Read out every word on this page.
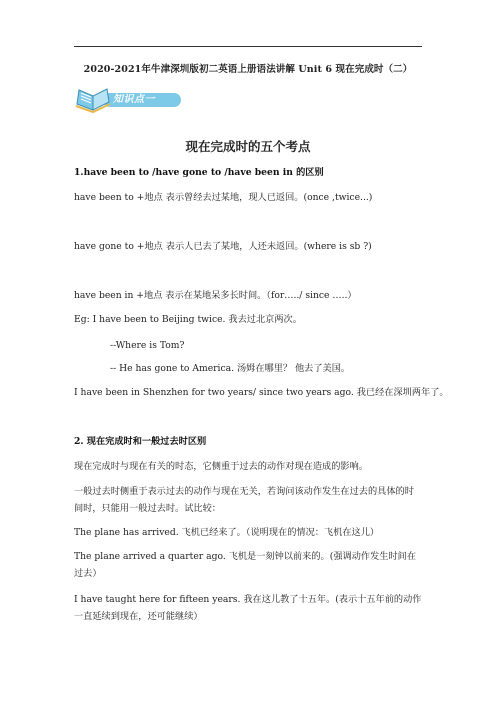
2020-2021年牛津深圳版初二英语上册语法讲解 Unit 6 现在完成时（二）
知识点一
现在完成时的五个考点
1.have been to /have gone to /have been in 的区别
have been to +地点 表示曾经去过某地，现人已返回。(once ,twice...)
have gone to +地点 表示人已去了某地，人还未返回。(where is sb ?)
have been in +地点 表示在某地呆多长时间。（for…../ since …..）
Eg: I have been to Beijing twice. 我去过北京两次。
--Where is Tom?
-- He has gone to America. 汤姆在哪里？ 他去了美国。
I have been in Shenzhen for two years/ since two years ago. 我已经在深圳两年了。
2. 现在完成时和一般过去时区别
现在完成时与现在有关的时态，它侧重于过去的动作对现在造成的影响。
一般过去时侧重于表示过去的动作与现在无关，若询问该动作发生在过去的具体的时间时，只能用一般过去时。试比较：
The plane has arrived. 飞机已经来了。（说明现在的情况：飞机在这儿）
The plane arrived a quarter ago. 飞机是一刻钟以前来的。(强调动作发生时间在过去）
I have taught here for fifteen years. 我在这儿教了十五年。(表示十五年前的动作一直延续到现在，还可能继续）
